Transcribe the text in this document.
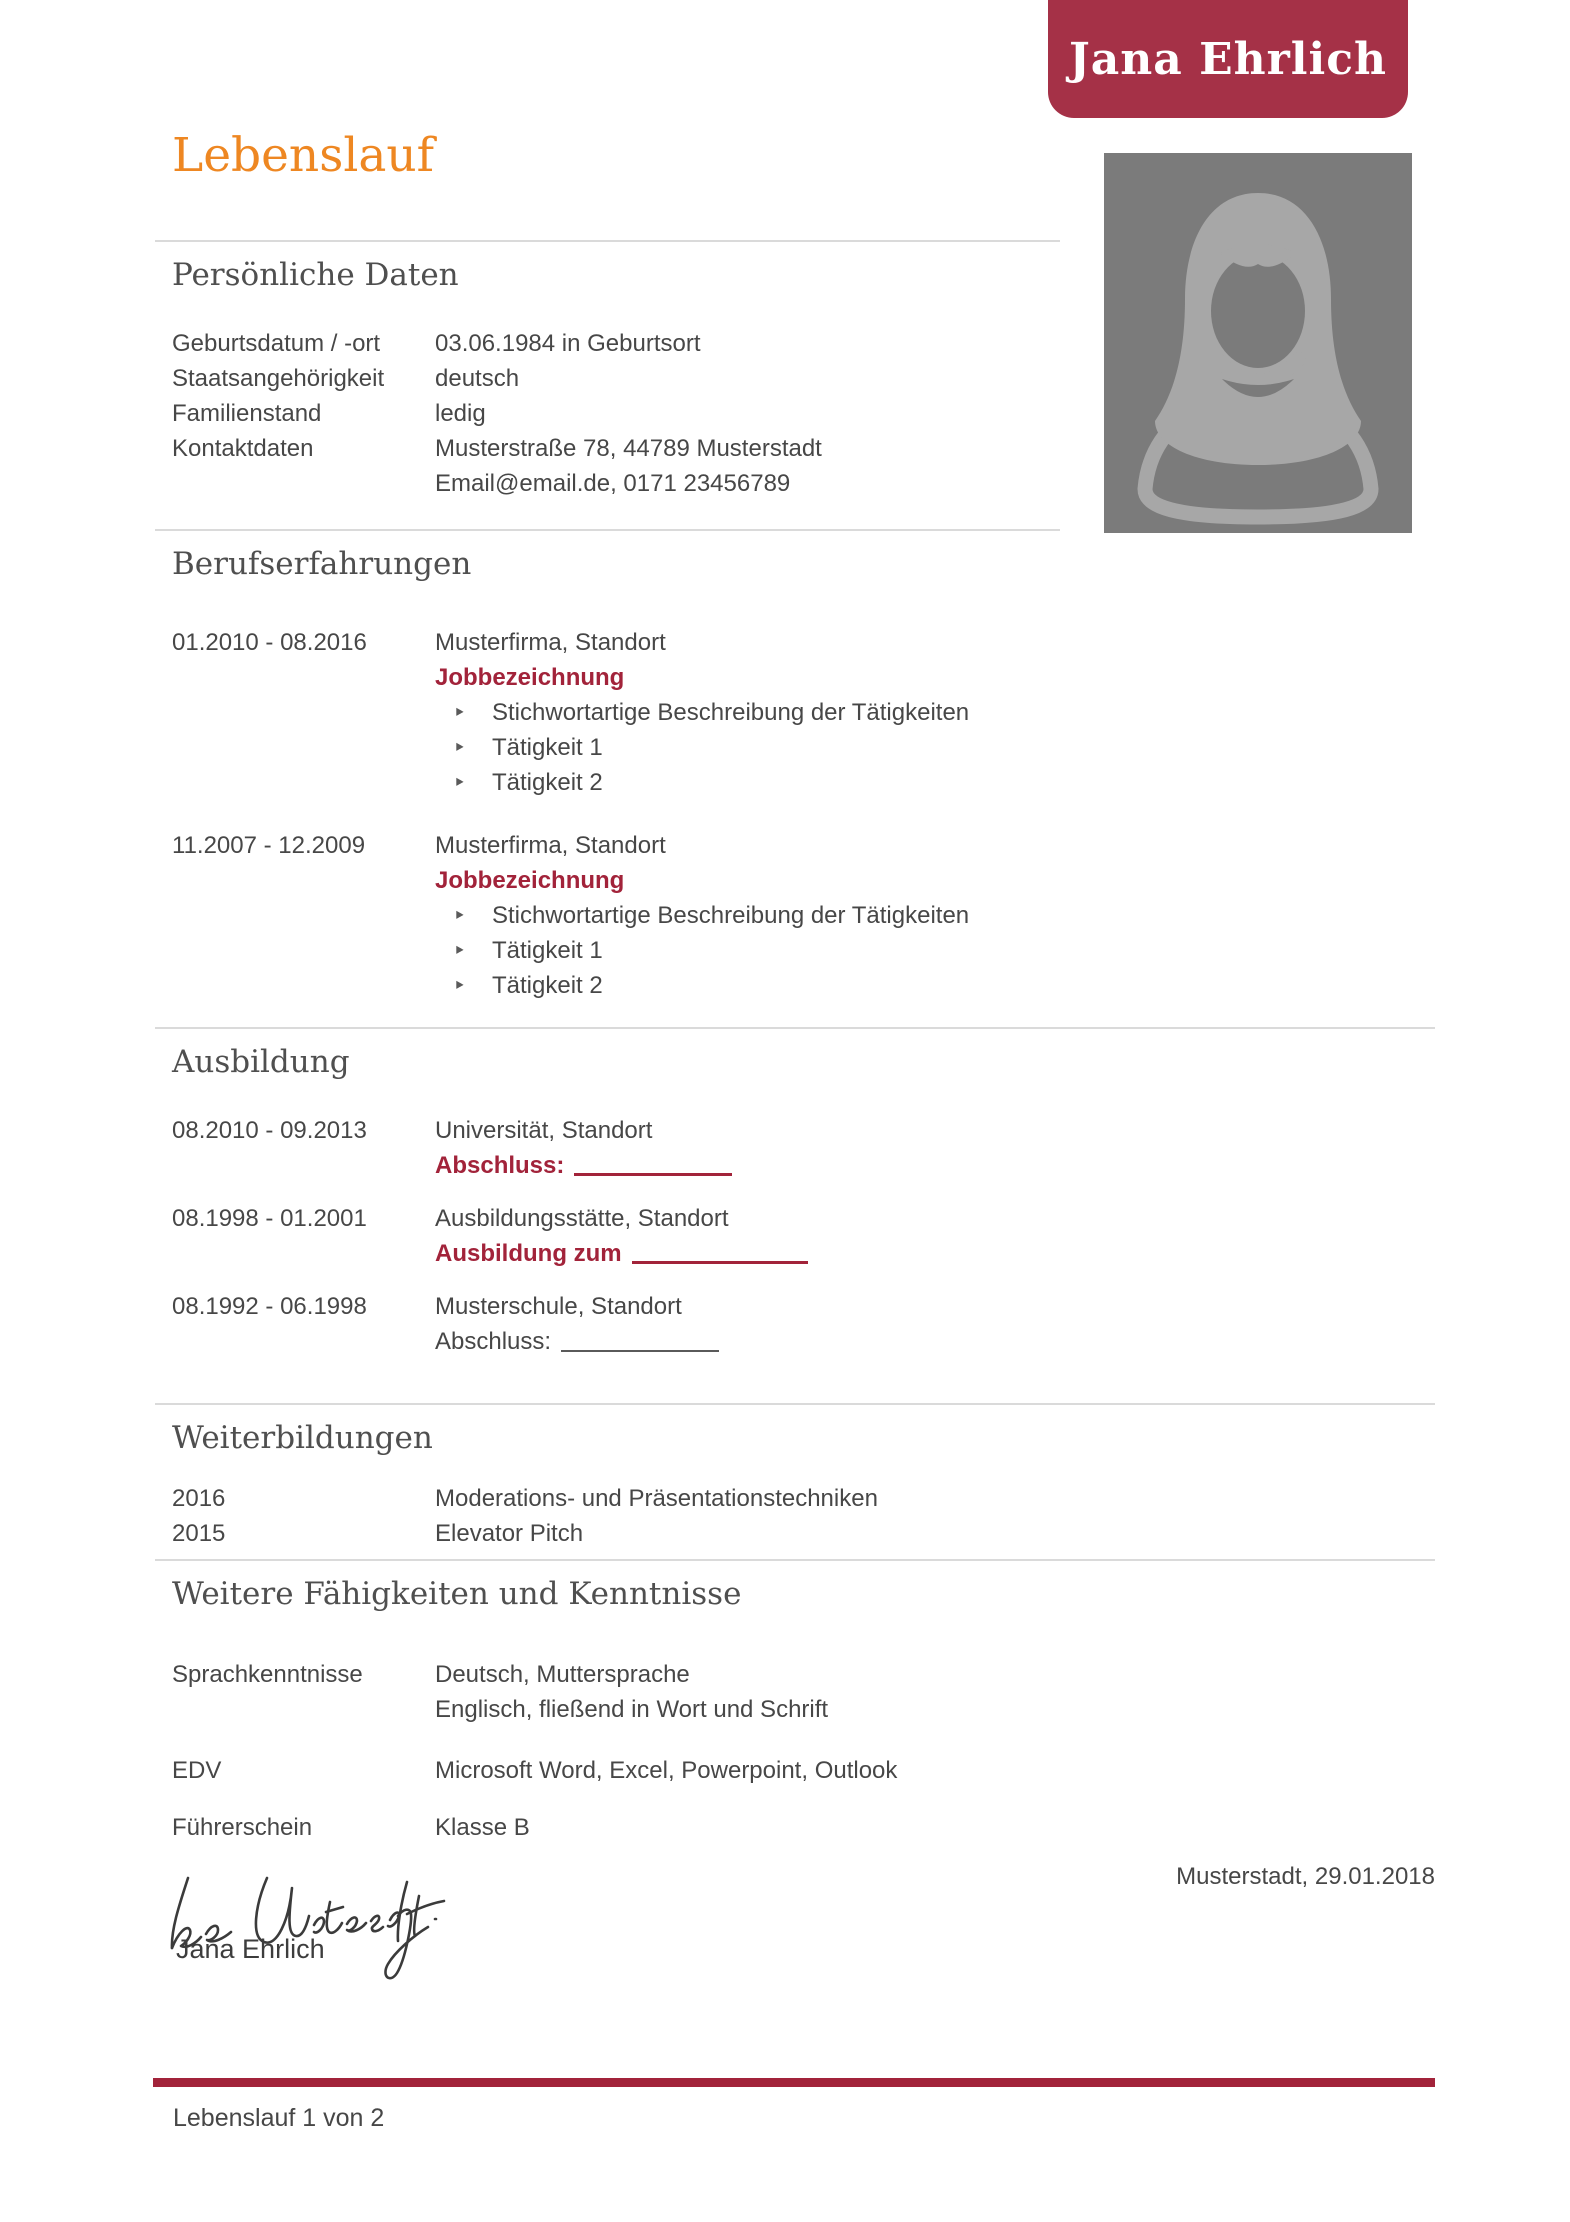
Jana Ehrlich
Lebenslauf
Persönliche Daten
Geburtsdatum / -ort	03.06.1984 in Geburtsort
Staatsangehörigkeit	deutsch
Familienstand	ledig
Kontaktdaten	Musterstraße 78, 44789 Musterstadt
Email@email.de, 0171 23456789
Berufserfahrungen
01.2010 - 08.2016	Musterfirma, Standort
Jobbezeichnung
‣	Stichwortartige Beschreibung der Tätigkeiten
‣	Tätigkeit 1
‣	Tätigkeit 2
11.2007 - 12.2009	Musterfirma, Standort
Jobbezeichnung
‣	Stichwortartige Beschreibung der Tätigkeiten
‣	Tätigkeit 1
‣	Tätigkeit 2
Ausbildung
08.2010 - 09.2013	Universität, Standort
Abschluss:
08.1998 - 01.2001	Ausbildungsstätte, Standort
Ausbildung zum
08.1992 - 06.1998	Musterschule, Standort
Abschluss:
Weiterbildungen
2016	Moderations- und Präsentationstechniken
2015	Elevator Pitch
Weitere Fähigkeiten und Kenntnisse
Sprachkenntnisse	Deutsch, Muttersprache
Englisch, fließend in Wort und Schrift
EDV	Microsoft Word, Excel, Powerpoint, Outlook
Führerschein	Klasse B
Musterstadt, 29.01.2018
Jana Ehrlich
Lebenslauf 1 von 2
